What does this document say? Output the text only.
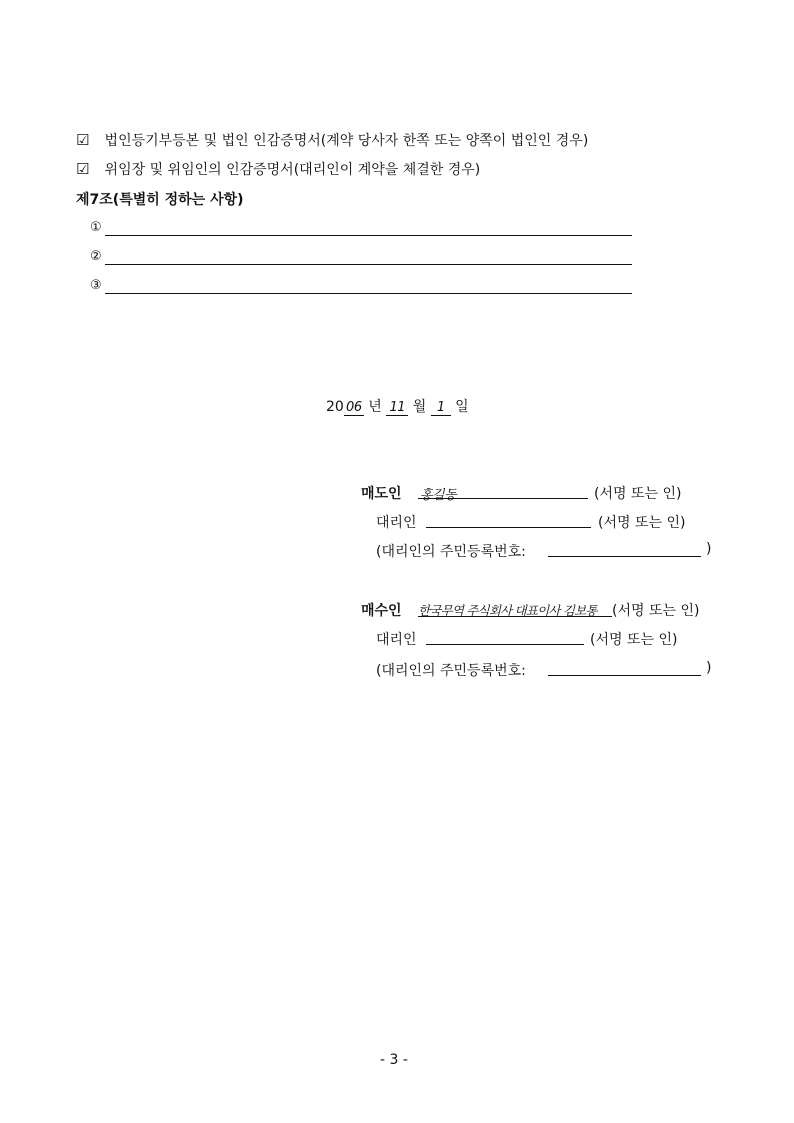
☑ 법인등기부등본 및 법인 인감증명서(계약 당사자 한쪽 또는 양쪽이 법인인 경우)
☑ 위임장 및 위임인의 인감증명서(대리인이 계약을 체결한 경우)
제7조(특별히 정하는 사항)
①
②
③
20 06 년 11 월 1 일
매도인 홍길동	(서명 또는 인)
대리인	(서명 또는 인)
(대리인의 주민등록번호:	)
매수인 한국무역 주식회사 대표이사 김보통 (서명 또는 인)
대리인	(서명 또는 인)
(대리인의 주민등록번호:	)
- 3 -
